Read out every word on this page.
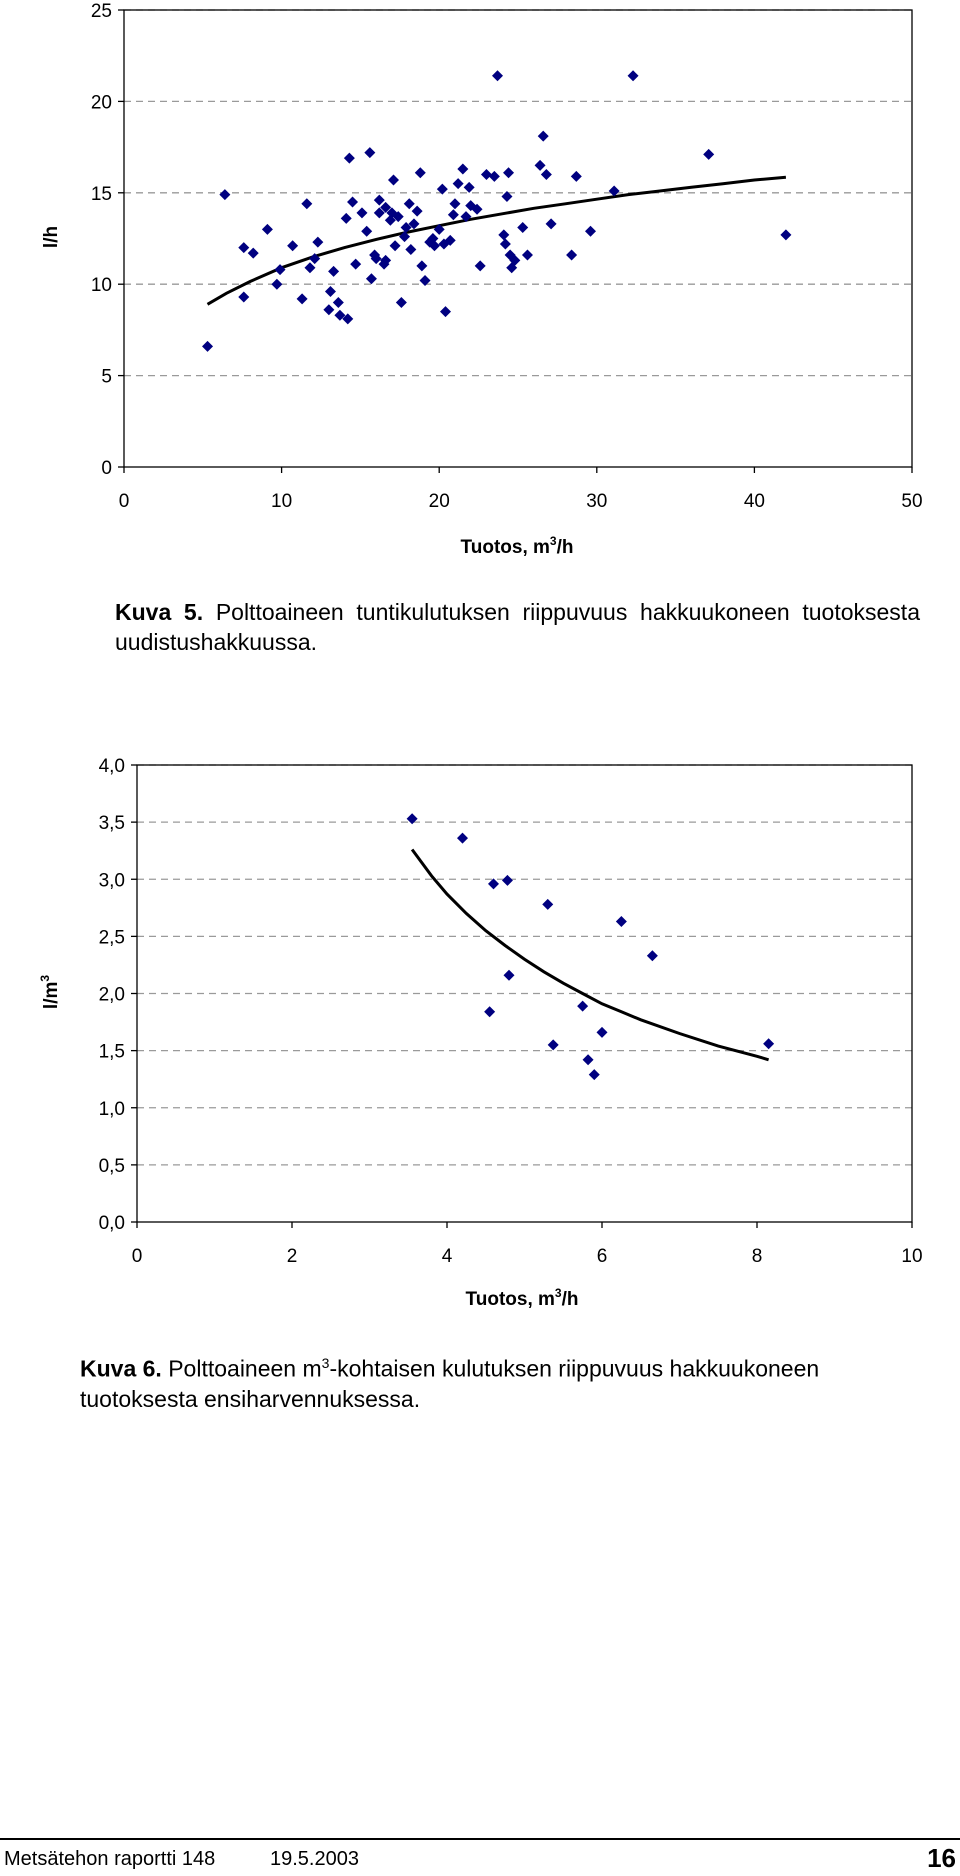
0
5
10
15
20
25
0	10	20	30	40	50
l/h
Tuotos, $m^3/h$
Kuva 5. Polttoaineen tuntikulutuksen riippuvuus hakkuukoneen tuotoksesta uudistushakkuussa.
0,0
0,5
1,0
1,5
2,0
2,5
3,0
3,5
4,0
0	2	4	6	8	10
$l/m^3$
Tuotos, $m^3/h$
Kuva 6. Polttoaineen $m^3$-kohtaisen kulutuksen riippuvuus hakkuukoneen tuotoksesta ensiharvennuksessa.
Metsätehon raportti 148	19.5.2003	16
